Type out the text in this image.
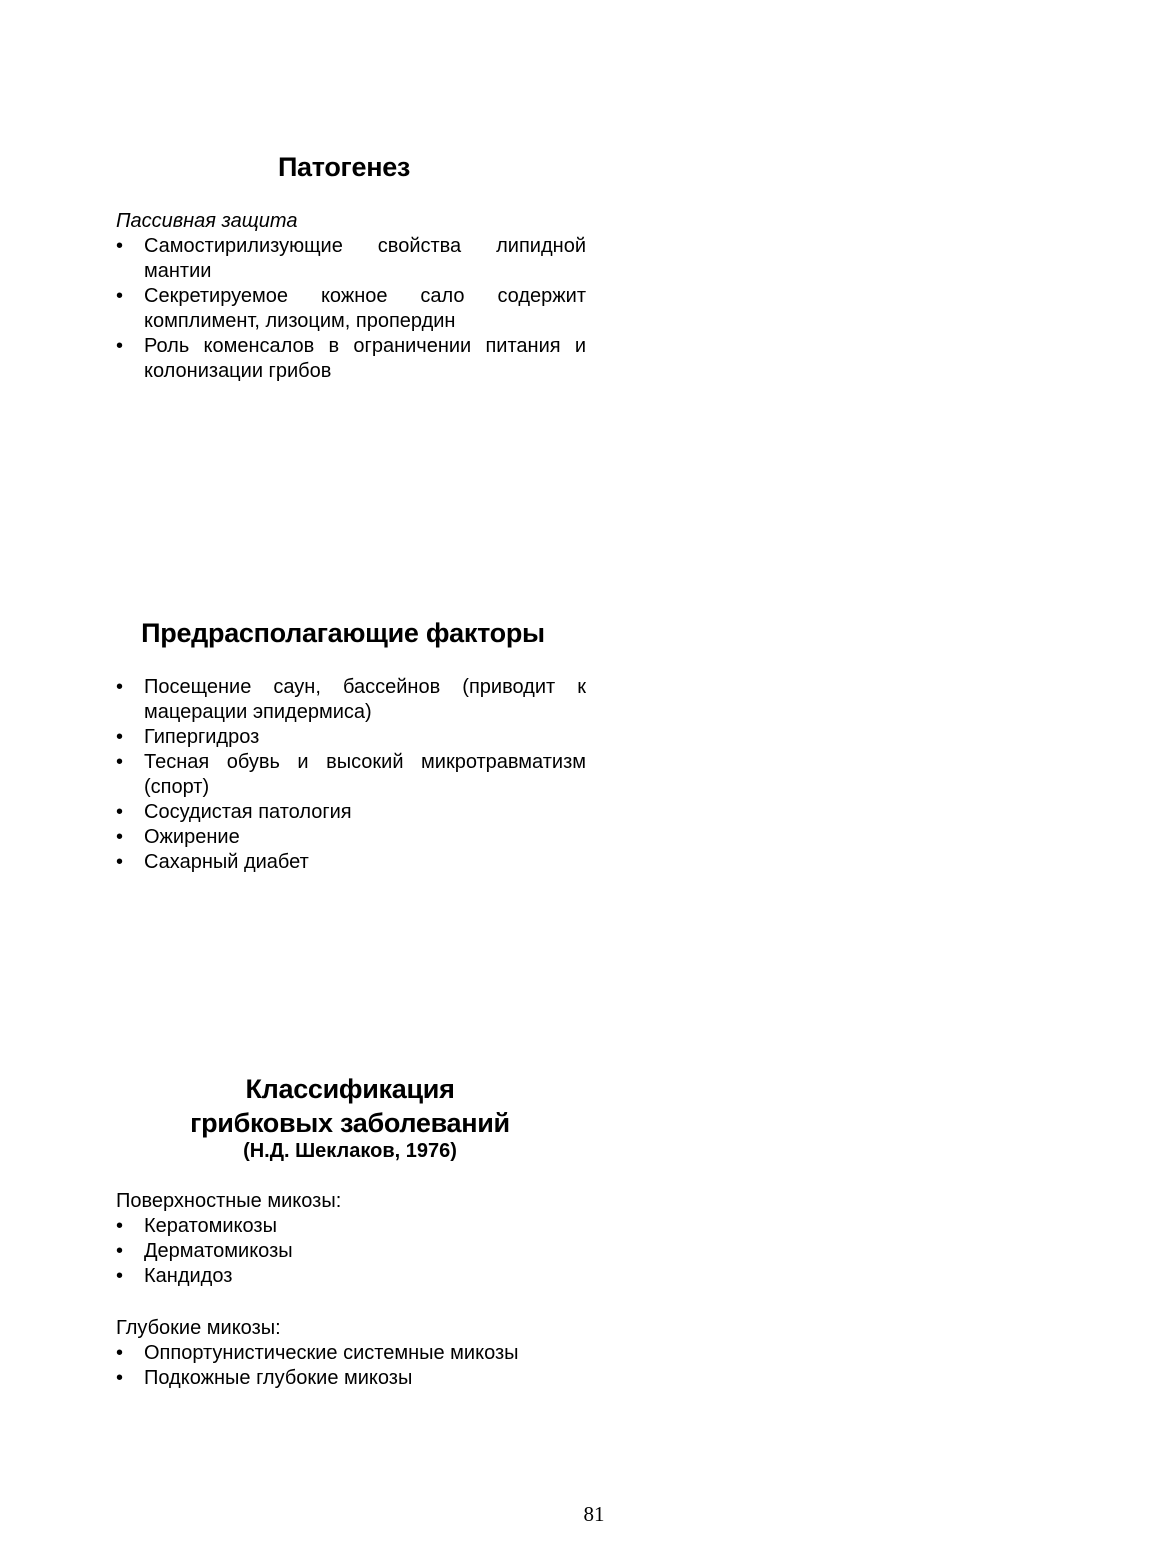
Патогенез
Пассивная защита
•	Самостирилизующие свойства липидной мантии
•	Секретируемое кожное сало содержит комплимент, лизоцим, пропердин
•	Роль коменсалов в ограничении питания и колонизации грибов
Предрасполагающие факторы
•	Посещение саун, бассейнов (приводит к мацерации эпидермиса)
•	Гипергидроз
•	Тесная обувь и высокий микротравматизм (спорт)
•	Сосудистая патология
•	Ожирение
•	Сахарный диабет
Классификация
грибковых заболеваний
(Н.Д. Шеклаков, 1976)
Поверхностные микозы:
•	Кератомикозы
•	Дерматомикозы
•	Кандидоз
Глубокие микозы:
•	Оппортунистические системные микозы
•	Подкожные глубокие микозы
81
